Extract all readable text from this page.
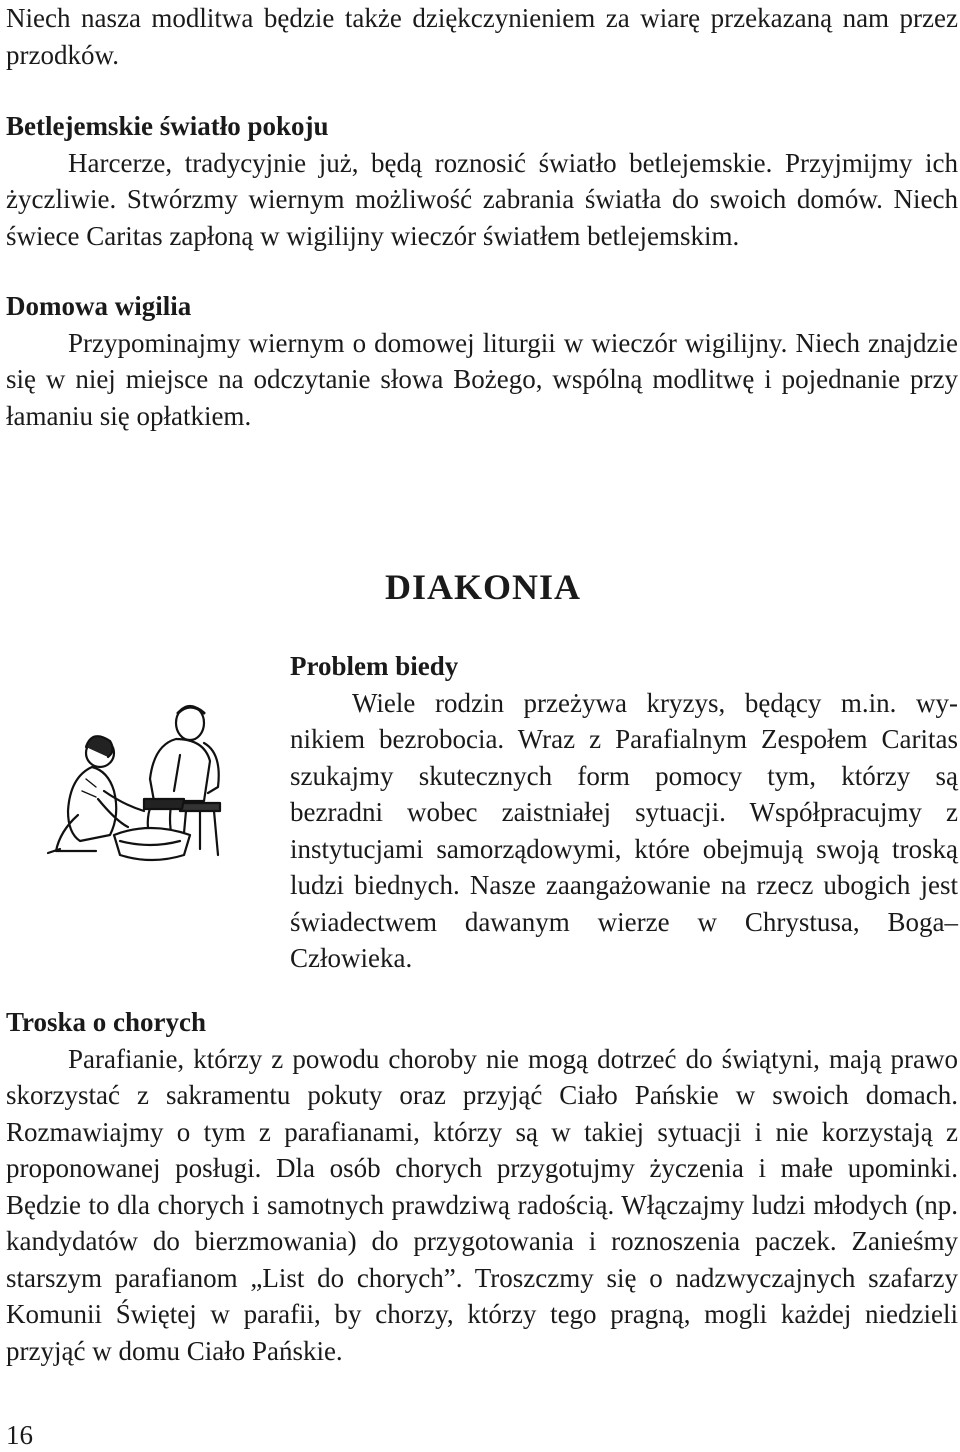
Niech nasza modlitwa będzie także dziękczynieniem za wiarę przekazaną nam przez przodków.

Betlejemskie światło pokoju

Harcerze, tradycyjnie już, będą roznosić światło betlejemskie. Przyjmijmy ich życzliwie. Stwórzmy wiernym możliwość zabrania światła do swoich domów. Niech świece Caritas zapłoną w wigilijny wieczór światłem betlejemskim.

Domowa wigilia

Przypominajmy wiernym o domowej liturgii w wieczór wigilijny. Niech znajdzie się w niej miejsce na odczytanie słowa Bożego, wspólną modlitwę i pojednanie przy łamaniu się opłatkiem.

DIAKONIA

Problem biedy

Wiele rodzin przeżywa kryzys, będący m.in. wynikiem bezrobocia. Wraz z Parafialnym Zespołem Caritas szukajmy skutecznych form pomocy tym, którzy są bezradni wobec zaistniałej sytuacji. Współpracujmy z instytucjami samorządowymi, które obejmują swoją troską ludzi biednych. Nasze zaangażowanie na rzecz ubogich jest świadectwem dawanym wierze w Chrystusa, Boga–Człowieka.

Troska o chorych

Parafianie, którzy z powodu choroby nie mogą dotrzeć do świątyni, mają prawo skorzystać z sakramentu pokuty oraz przyjąć Ciało Pańskie w swoich domach. Rozmawiajmy o tym z parafianami, którzy są w takiej sytuacji i nie korzystają z proponowanej posługi. Dla osób chorych przygotujmy życzenia i małe upominki. Będzie to dla chorych i samotnych prawdziwą radością. Włączajmy ludzi młodych (np. kandydatów do bierzmowania) do przygotowania i roznoszenia paczek. Zanieśmy starszym parafianom „List do chorych”. Troszczmy się o nadzwyczajnych szafarzy Komunii Świętej w parafii, by chorzy, którzy tego pragną, mogli każdej niedzieli przyjąć w domu Ciało Pańskie.

16
